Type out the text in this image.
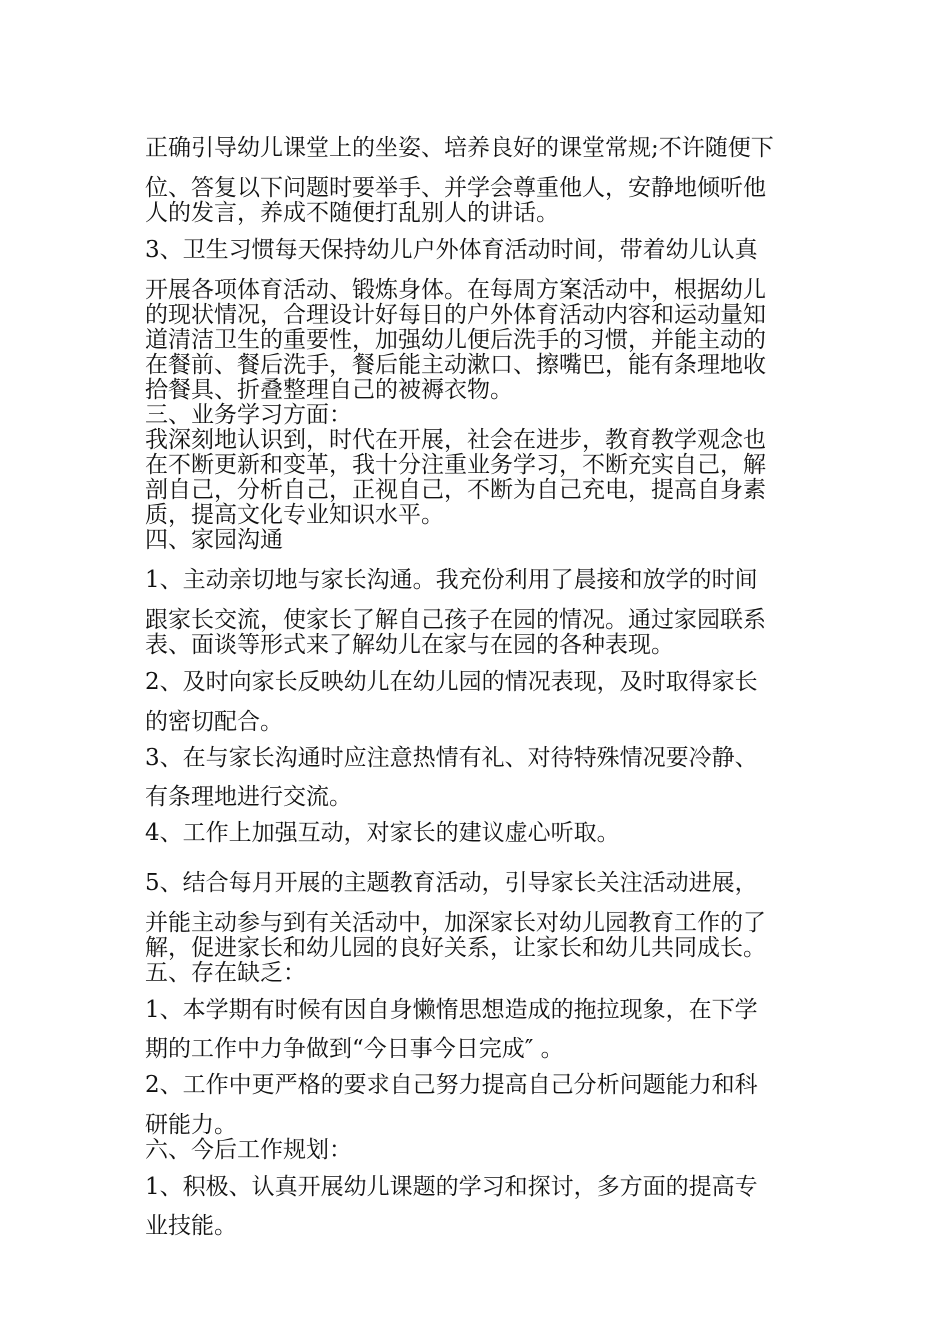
正确引导幼儿课堂上的坐姿、培养良好的课堂常规;不许随便下
位、答复以下问题时要举手、并学会尊重他人，安静地倾听他
人的发言，养成不随便打乱别人的讲话。
3、卫生习惯每天保持幼儿户外体育活动时间，带着幼儿认真
开展各项体育活动、锻炼身体。在每周方案活动中，根据幼儿
的现状情况，合理设计好每日的户外体育活动内容和运动量知
道清洁卫生的重要性，加强幼儿便后洗手的习惯，并能主动的
在餐前、餐后洗手，餐后能主动漱口、擦嘴巴，能有条理地收
拾餐具、折叠整理自己的被褥衣物。
三、业务学习方面：
我深刻地认识到，时代在开展，社会在进步，教育教学观念也
在不断更新和变革，我十分注重业务学习，不断充实自己，解
剖自己，分析自己，正视自己，不断为自己充电，提高自身素
质，提高文化专业知识水平。
四、家园沟通
1、主动亲切地与家长沟通。我充份利用了晨接和放学的时间
跟家长交流，使家长了解自己孩子在园的情况。通过家园联系
表、面谈等形式来了解幼儿在家与在园的各种表现。
2、及时向家长反映幼儿在幼儿园的情况表现，及时取得家长
的密切配合。
3、在与家长沟通时应注意热情有礼、对待特殊情况要冷静、
有条理地进行交流。
4、工作上加强互动，对家长的建议虚心听取。
5、结合每月开展的主题教育活动，引导家长关注活动进展，
并能主动参与到有关活动中，加深家长对幼儿园教育工作的了
解，促进家长和幼儿园的良好关系，让家长和幼儿共同成长。
五、存在缺乏：
1、本学期有时候有因自身懒惰思想造成的拖拉现象，在下学
期的工作中力争做到“今日事今日完成″ 。
2、工作中更严格的要求自己努力提高自己分析问题能力和科
研能力。
六、今后工作规划：
1、积极、认真开展幼儿课题的学习和探讨，多方面的提高专
业技能。
